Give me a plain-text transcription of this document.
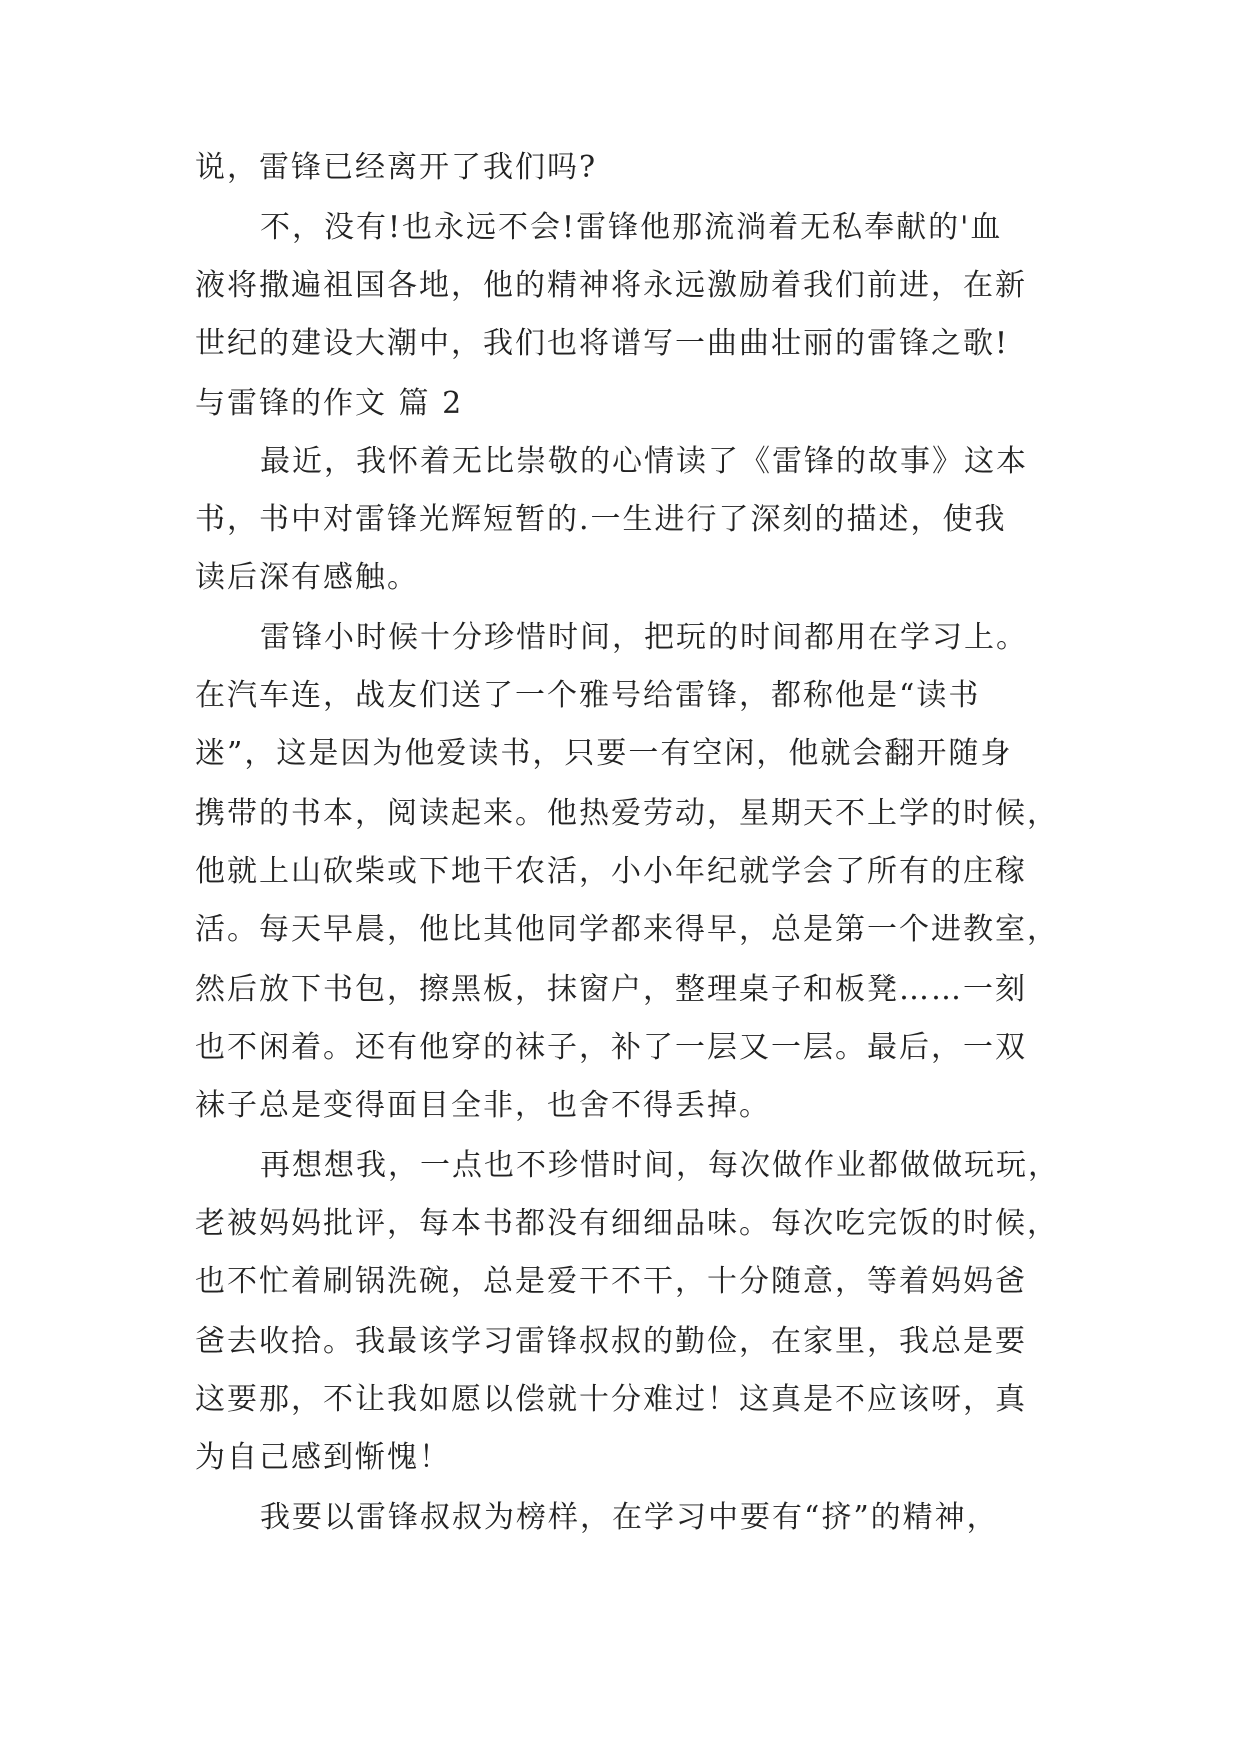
说，雷锋已经离开了我们吗?
不，没有!也永远不会!雷锋他那流淌着无私奉献的'血
液将撒遍祖国各地，他的精神将永远激励着我们前进，在新
世纪的建设大潮中，我们也将谱写一曲曲壮丽的雷锋之歌!
与雷锋的作文 篇 2
最近，我怀着无比崇敬的心情读了《雷锋的故事》这本
书，书中对雷锋光辉短暂的.一生进行了深刻的描述，使我
读后深有感触。
雷锋小时候十分珍惜时间，把玩的时间都用在学习上。
在汽车连，战友们送了一个雅号给雷锋，都称他是“读书
迷”，这是因为他爱读书，只要一有空闲，他就会翻开随身
携带的书本，阅读起来。他热爱劳动，星期天不上学的时候，
他就上山砍柴或下地干农活，小小年纪就学会了所有的庄稼
活。每天早晨，他比其他同学都来得早，总是第一个进教室，
然后放下书包，擦黑板，抹窗户，整理桌子和板凳……一刻
也不闲着。还有他穿的袜子，补了一层又一层。最后，一双
袜子总是变得面目全非，也舍不得丢掉。
再想想我，一点也不珍惜时间，每次做作业都做做玩玩，
老被妈妈批评，每本书都没有细细品味。每次吃完饭的时候，
也不忙着刷锅洗碗，总是爱干不干，十分随意，等着妈妈爸
爸去收拾。我最该学习雷锋叔叔的勤俭，在家里，我总是要
这要那，不让我如愿以偿就十分难过！这真是不应该呀，真
为自己感到惭愧！
我要以雷锋叔叔为榜样，在学习中要有“挤”的精神，
